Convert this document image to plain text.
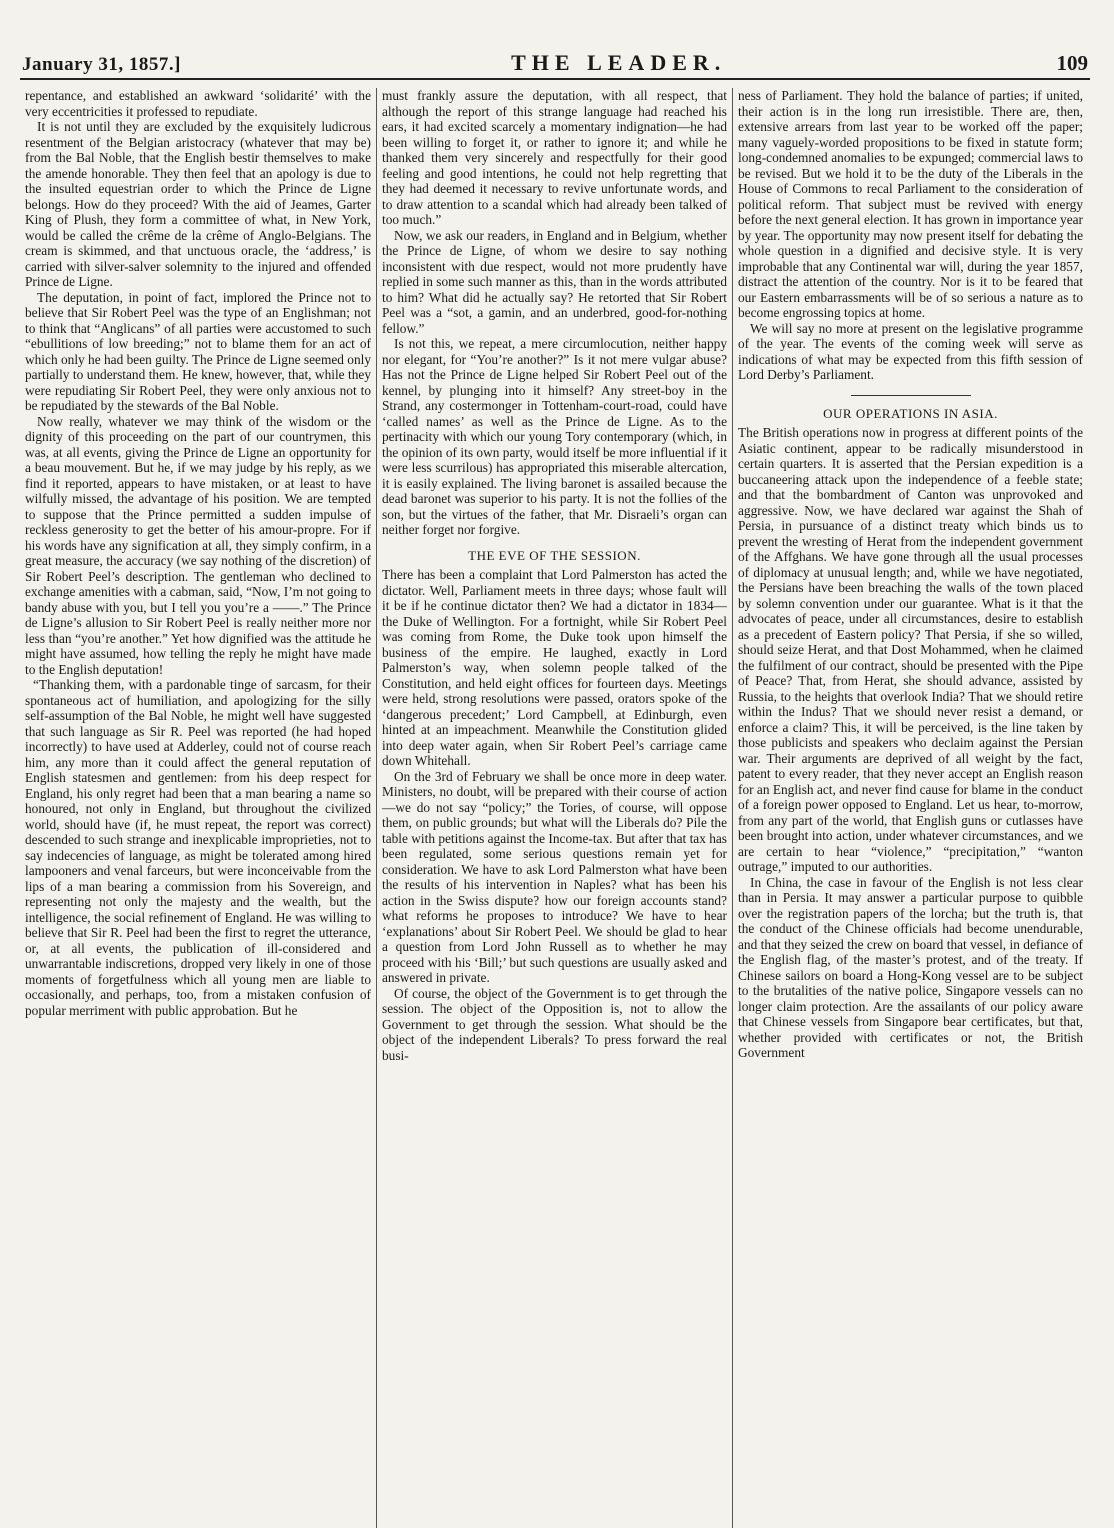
January 31, 1857.]	THE LEADER.	109

repentance, and established an awkward ‘solidarité’ with the very eccentricities it professed to repudiate.

It is not until they are excluded by the exquisitely ludicrous resentment of the Belgian aristocracy (whatever that may be) from the Bal Noble, that the English bestir themselves to make the amende honorable. They then feel that an apology is due to the insulted equestrian order to which the Prince de Ligne belongs. How do they proceed? With the aid of Jeames, Garter King of Plush, they form a committee of what, in New York, would be called the crême de la crême of Anglo-Belgians. The cream is skimmed, and that unctuous oracle, the ‘address,’ is carried with silver-salver solemnity to the injured and offended Prince de Ligne.

The deputation, in point of fact, implored the Prince not to believe that Sir Robert Peel was the type of an Englishman; not to think that “Anglicans” of all parties were accustomed to such “ebullitions of low breeding;” not to blame them for an act of which only he had been guilty. The Prince de Ligne seemed only partially to understand them. He knew, however, that, while they were repudiating Sir Robert Peel, they were only anxious not to be repudiated by the stewards of the Bal Noble.

Now really, whatever we may think of the wisdom or the dignity of this proceeding on the part of our countrymen, this was, at all events, giving the Prince de Ligne an opportunity for a beau mouvement. But he, if we may judge by his reply, as we find it reported, appears to have mistaken, or at least to have wilfully missed, the advantage of his position. We are tempted to suppose that the Prince permitted a sudden impulse of reckless generosity to get the better of his amour-propre. For if his words have any signification at all, they simply confirm, in a great measure, the accuracy (we say nothing of the discretion) of Sir Robert Peel’s description. The gentleman who declined to exchange amenities with a cabman, said, “Now, I’m not going to bandy abuse with you, but I tell you you’re a ——.” The Prince de Ligne’s allusion to Sir Robert Peel is really neither more nor less than “you’re another.” Yet how dignified was the attitude he might have assumed, how telling the reply he might have made to the English deputation!

“Thanking them, with a pardonable tinge of sarcasm, for their spontaneous act of humiliation, and apologizing for the silly self-assumption of the Bal Noble, he might well have suggested that such language as Sir R. Peel was reported (he had hoped incorrectly) to have used at Adderley, could not of course reach him, any more than it could affect the general reputation of English statesmen and gentlemen: from his deep respect for England, his only regret had been that a man bearing a name so honoured, not only in England, but throughout the civilized world, should have (if, he must repeat, the report was correct) descended to such strange and inexplicable improprieties, not to say indecencies of language, as might be tolerated among hired lampooners and venal farceurs, but were inconceivable from the lips of a man bearing a commission from his Sovereign, and representing not only the majesty and the wealth, but the intelligence, the social refinement of England. He was willing to believe that Sir R. Peel had been the first to regret the utterance, or, at all events, the publication of ill-considered and unwarrantable indiscretions, dropped very likely in one of those moments of forgetfulness which all young men are liable to occasionally, and perhaps, too, from a mistaken confusion of popular merriment with public approbation. But he

must frankly assure the deputation, with all respect, that although the report of this strange language had reached his ears, it had excited scarcely a momentary indignation—he had been willing to forget it, or rather to ignore it; and while he thanked them very sincerely and respectfully for their good feeling and good intentions, he could not help regretting that they had deemed it necessary to revive unfortunate words, and to draw attention to a scandal which had already been talked of too much.”

Now, we ask our readers, in England and in Belgium, whether the Prince de Ligne, of whom we desire to say nothing inconsistent with due respect, would not more prudently have replied in some such manner as this, than in the words attributed to him? What did he actually say? He retorted that Sir Robert Peel was a “sot, a gamin, and an underbred, good-for-nothing fellow.”

Is not this, we repeat, a mere circumlocution, neither happy nor elegant, for “You’re another?” Is it not mere vulgar abuse? Has not the Prince de Ligne helped Sir Robert Peel out of the kennel, by plunging into it himself? Any street-boy in the Strand, any costermonger in Tottenham-court-road, could have ‘called names’ as well as the Prince de Ligne. As to the pertinacity with which our young Tory contemporary (which, in the opinion of its own party, would itself be more influential if it were less scurrilous) has appropriated this miserable altercation, it is easily explained. The living baronet is assailed because the dead baronet was superior to his party. It is not the follies of the son, but the virtues of the father, that Mr. Disraeli’s organ can neither forget nor forgive.

THE EVE OF THE SESSION.

There has been a complaint that Lord Palmerston has acted the dictator. Well, Parliament meets in three days; whose fault will it be if he continue dictator then? We had a dictator in 1834—the Duke of Wellington. For a fortnight, while Sir Robert Peel was coming from Rome, the Duke took upon himself the business of the empire. He laughed, exactly in Lord Palmerston’s way, when solemn people talked of the Constitution, and held eight offices for fourteen days. Meetings were held, strong resolutions were passed, orators spoke of the ‘dangerous precedent;’ Lord Campbell, at Edinburgh, even hinted at an impeachment. Meanwhile the Constitution glided into deep water again, when Sir Robert Peel’s carriage came down Whitehall.

On the 3rd of February we shall be once more in deep water. Ministers, no doubt, will be prepared with their course of action—we do not say “policy;” the Tories, of course, will oppose them, on public grounds; but what will the Liberals do? Pile the table with petitions against the Income-tax. But after that tax has been regulated, some serious questions remain yet for consideration. We have to ask Lord Palmerston what have been the results of his intervention in Naples? what has been his action in the Swiss dispute? how our foreign accounts stand? what reforms he proposes to introduce? We have to hear ‘explanations’ about Sir Robert Peel. We should be glad to hear a question from Lord John Russell as to whether he may proceed with his ‘Bill;’ but such questions are usually asked and answered in private.

Of course, the object of the Government is to get through the session. The object of the Opposition is, not to allow the Government to get through the session. What should be the object of the independent Liberals? To press forward the real busi-

ness of Parliament. They hold the balance of parties; if united, their action is in the long run irresistible. There are, then, extensive arrears from last year to be worked off the paper; many vaguely-worded propositions to be fixed in statute form; long-condemned anomalies to be expunged; commercial laws to be revised. But we hold it to be the duty of the Liberals in the House of Commons to recal Parliament to the consideration of political reform. That subject must be revived with energy before the next general election. It has grown in importance year by year. The opportunity may now present itself for debating the whole question in a dignified and decisive style. It is very improbable that any Continental war will, during the year 1857, distract the attention of the country. Nor is it to be feared that our Eastern embarrassments will be of so serious a nature as to become engrossing topics at home.

We will say no more at present on the legislative programme of the year. The events of the coming week will serve as indications of what may be expected from this fifth session of Lord Derby’s Parliament.

OUR OPERATIONS IN ASIA.

The British operations now in progress at different points of the Asiatic continent, appear to be radically misunderstood in certain quarters. It is asserted that the Persian expedition is a buccaneering attack upon the independence of a feeble state; and that the bombardment of Canton was unprovoked and aggressive. Now, we have declared war against the Shah of Persia, in pursuance of a distinct treaty which binds us to prevent the wresting of Herat from the independent government of the Affghans. We have gone through all the usual processes of diplomacy at unusual length; and, while we have negotiated, the Persians have been breaching the walls of the town placed by solemn convention under our guarantee. What is it that the advocates of peace, under all circumstances, desire to establish as a precedent of Eastern policy? That Persia, if she so willed, should seize Herat, and that Dost Mohammed, when he claimed the fulfilment of our contract, should be presented with the Pipe of Peace? That, from Herat, she should advance, assisted by Russia, to the heights that overlook India? That we should retire within the Indus? That we should never resist a demand, or enforce a claim? This, it will be perceived, is the line taken by those publicists and speakers who declaim against the Persian war. Their arguments are deprived of all weight by the fact, patent to every reader, that they never accept an English reason for an English act, and never find cause for blame in the conduct of a foreign power opposed to England. Let us hear, to-morrow, from any part of the world, that English guns or cutlasses have been brought into action, under whatever circumstances, and we are certain to hear “violence,” “precipitation,” “wanton outrage,” imputed to our authorities.

In China, the case in favour of the English is not less clear than in Persia. It may answer a particular purpose to quibble over the registration papers of the lorcha; but the truth is, that the conduct of the Chinese officials had become unendurable, and that they seized the crew on board that vessel, in defiance of the English flag, of the master’s protest, and of the treaty. If Chinese sailors on board a Hong-Kong vessel are to be subject to the brutalities of the native police, Singapore vessels can no longer claim protection. Are the assailants of our policy aware that Chinese vessels from Singapore bear certificates, but that, whether provided with certificates or not, the British Government
